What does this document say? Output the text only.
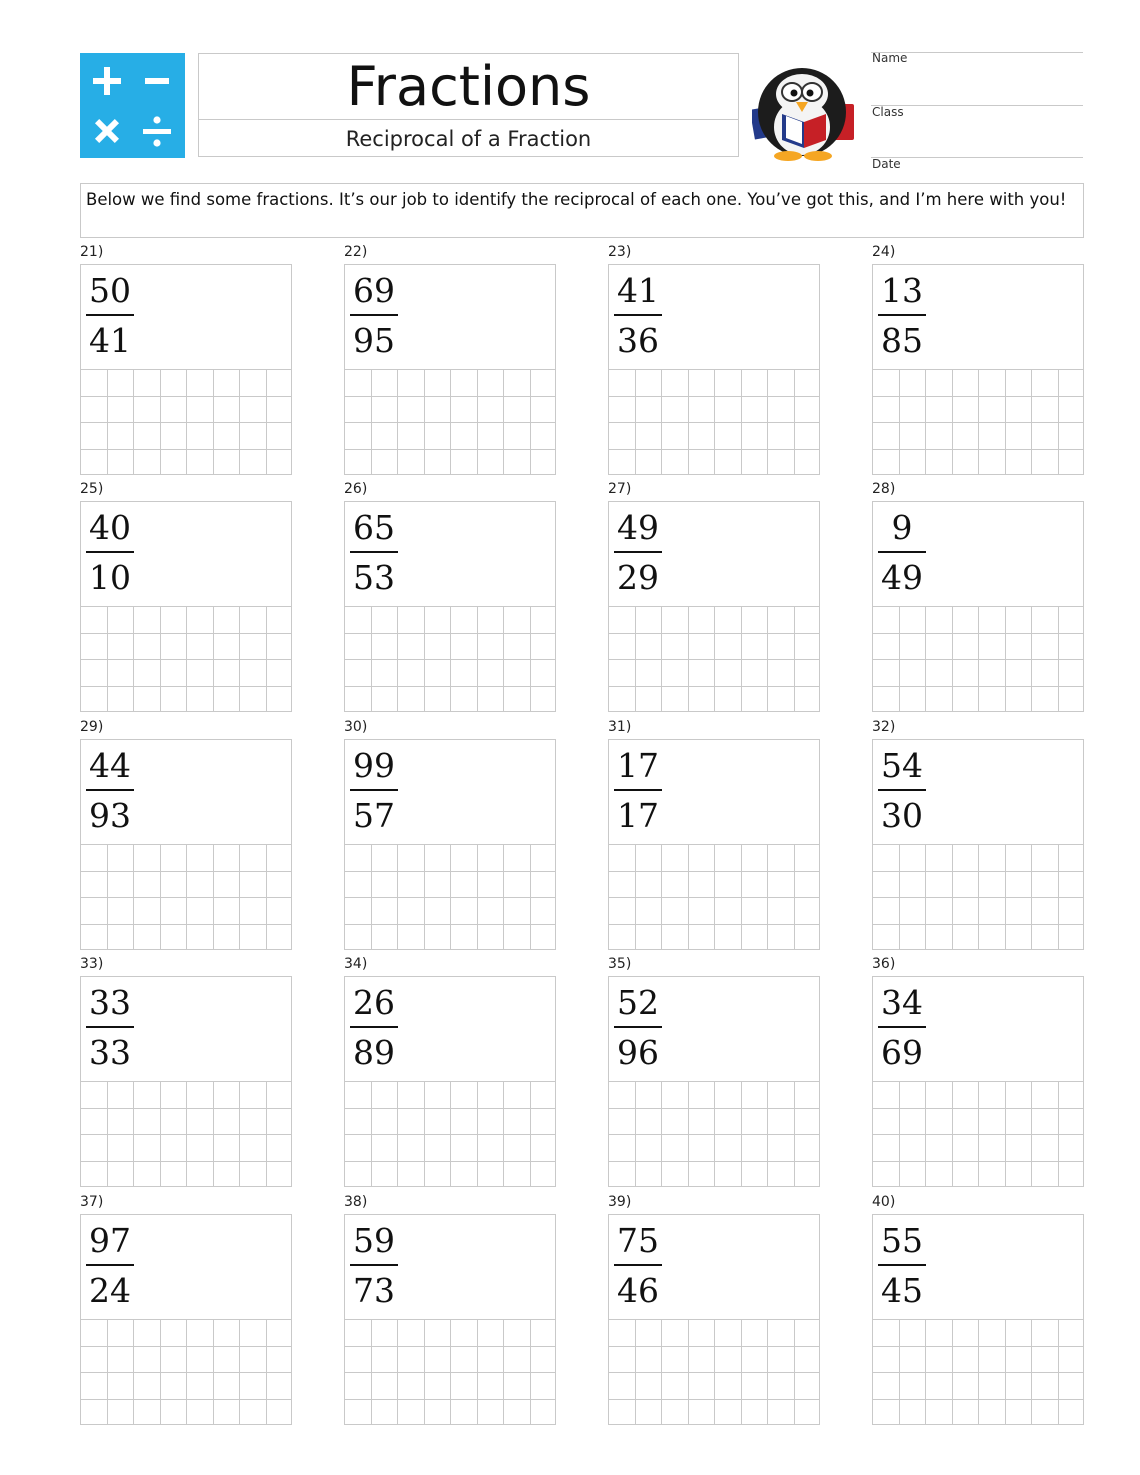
Fractions
Reciprocal of a Fraction
Name
Class
Date
Below we find some fractions. It’s our job to identify the reciprocal of each one. You’ve got this, and I’m here with you!
21)
50
41
22)
69
95
23)
41
36
24)
13
85
25)
40
10
26)
65
53
27)
49
29
28)
9
49
29)
44
93
30)
99
57
31)
17
17
32)
54
30
33)
33
33
34)
26
89
35)
52
96
36)
34
69
37)
97
24
38)
59
73
39)
75
46
40)
55
45
